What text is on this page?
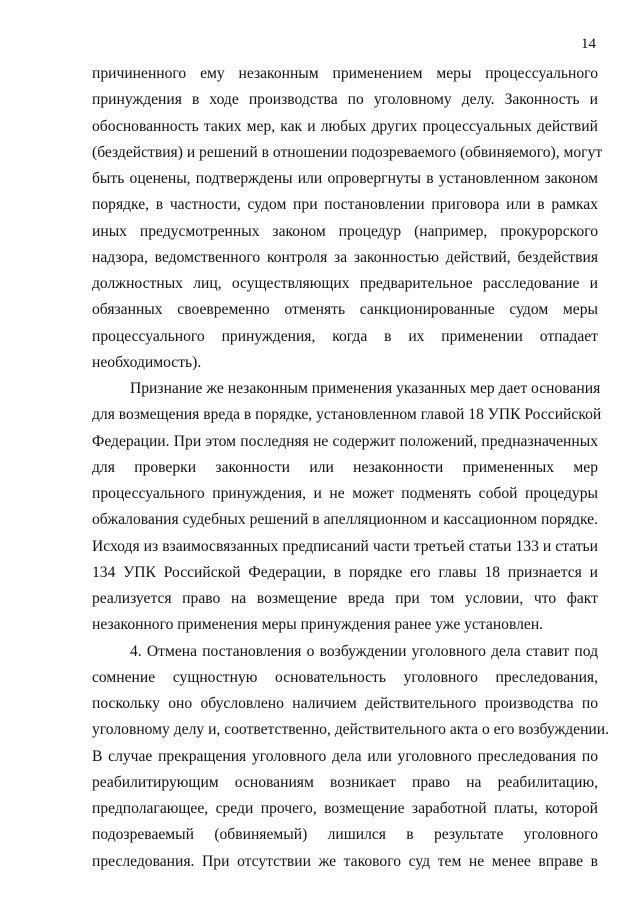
14

причиненного ему незаконным применением меры процессуального
принуждения в ходе производства по уголовному делу. Законность и
обоснованность таких мер, как и любых других процессуальных действий
(бездействия) и решений в отношении подозреваемого (обвиняемого), могут
быть оценены, подтверждены или опровергнуты в установленном законом
порядке, в частности, судом при постановлении приговора или в рамках
иных предусмотренных законом процедур (например, прокурорского
надзора, ведомственного контроля за законностью действий, бездействия
должностных лиц, осуществляющих предварительное расследование и
обязанных своевременно отменять санкционированные судом меры
процессуального принуждения, когда в их применении отпадает
необходимость).

Признание же незаконным применения указанных мер дает основания
для возмещения вреда в порядке, установленном главой 18 УПК Российской
Федерации. При этом последняя не содержит положений, предназначенных
для проверки законности или незаконности примененных мер
процессуального принуждения, и не может подменять собой процедуры
обжалования судебных решений в апелляционном и кассационном порядке.
Исходя из взаимосвязанных предписаний части третьей статьи 133 и статьи
134 УПК Российской Федерации, в порядке его главы 18 признается и
реализуется право на возмещение вреда при том условии, что факт
незаконного применения меры принуждения ранее уже установлен.

4. Отмена постановления о возбуждении уголовного дела ставит под
сомнение сущностную основательность уголовного преследования,
поскольку оно обусловлено наличием действительного производства по
уголовному делу и, соответственно, действительного акта о его возбуждении.
В случае прекращения уголовного дела или уголовного преследования по
реабилитирующим основаниям возникает право на реабилитацию,
предполагающее, среди прочего, возмещение заработной платы, которой
подозреваемый (обвиняемый) лишился в результате уголовного
преследования. При отсутствии же такового суд тем не менее вправе в
